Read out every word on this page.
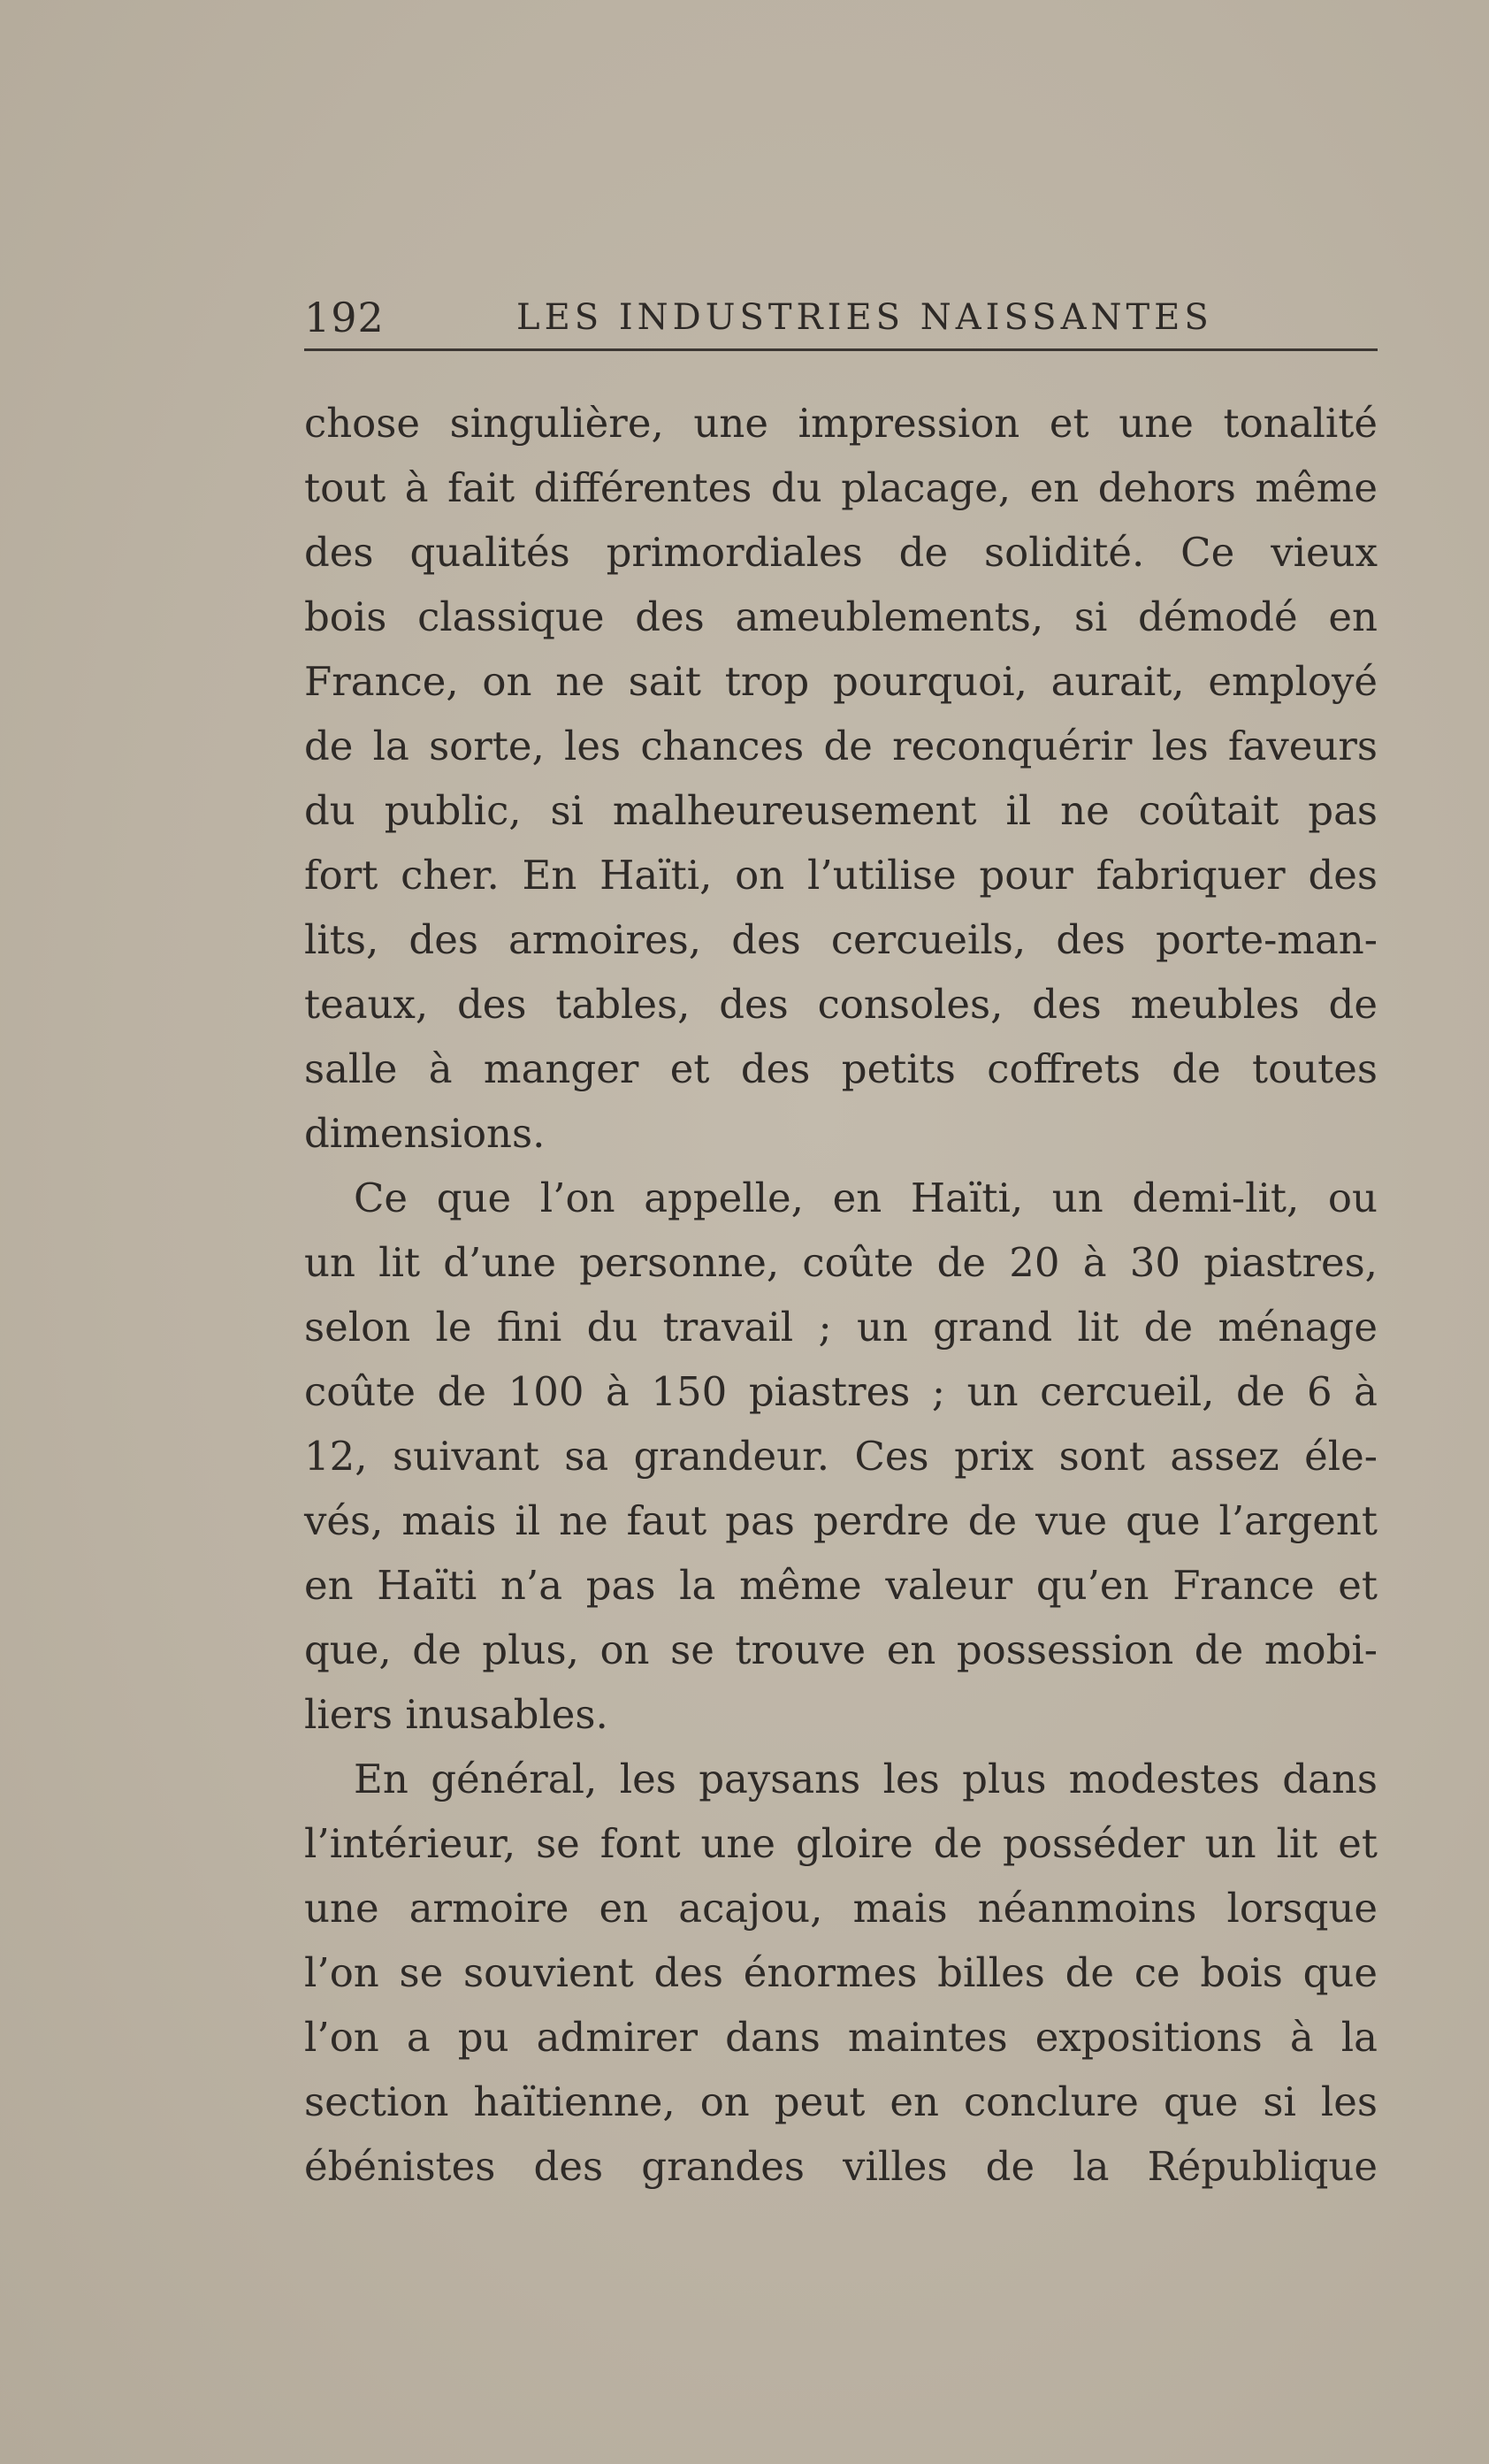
192	LES INDUSTRIES NAISSANTES
chose singulière, une impression et une tonalité
tout à fait différentes du placage, en dehors même
des qualités primordiales de solidité. Ce vieux
bois classique des ameublements, si démodé en
France, on ne sait trop pourquoi, aurait, employé
de la sorte, les chances de reconquérir les faveurs
du public, si malheureusement il ne coûtait pas
fort cher. En Haïti, on l’utilise pour fabriquer des
lits, des armoires, des cercueils, des porte-man-
teaux, des tables, des consoles, des meubles de
salle à manger et des petits coffrets de toutes
dimensions.
Ce que l’on appelle, en Haïti, un demi-lit, ou
un lit d’une personne, coûte de 20 à 30 piastres,
selon le fini du travail ; un grand lit de ménage
coûte de 100 à 150 piastres ; un cercueil, de 6 à
12, suivant sa grandeur. Ces prix sont assez éle-
vés, mais il ne faut pas perdre de vue que l’argent
en Haïti n’a pas la même valeur qu’en France et
que, de plus, on se trouve en possession de mobi-
liers inusables.
En général, les paysans les plus modestes dans
l’intérieur, se font une gloire de posséder un lit et
une armoire en acajou, mais néanmoins lorsque
l’on se souvient des énormes billes de ce bois que
l’on a pu admirer dans maintes expositions à la
section haïtienne, on peut en conclure que si les
ébénistes des grandes villes de la République
